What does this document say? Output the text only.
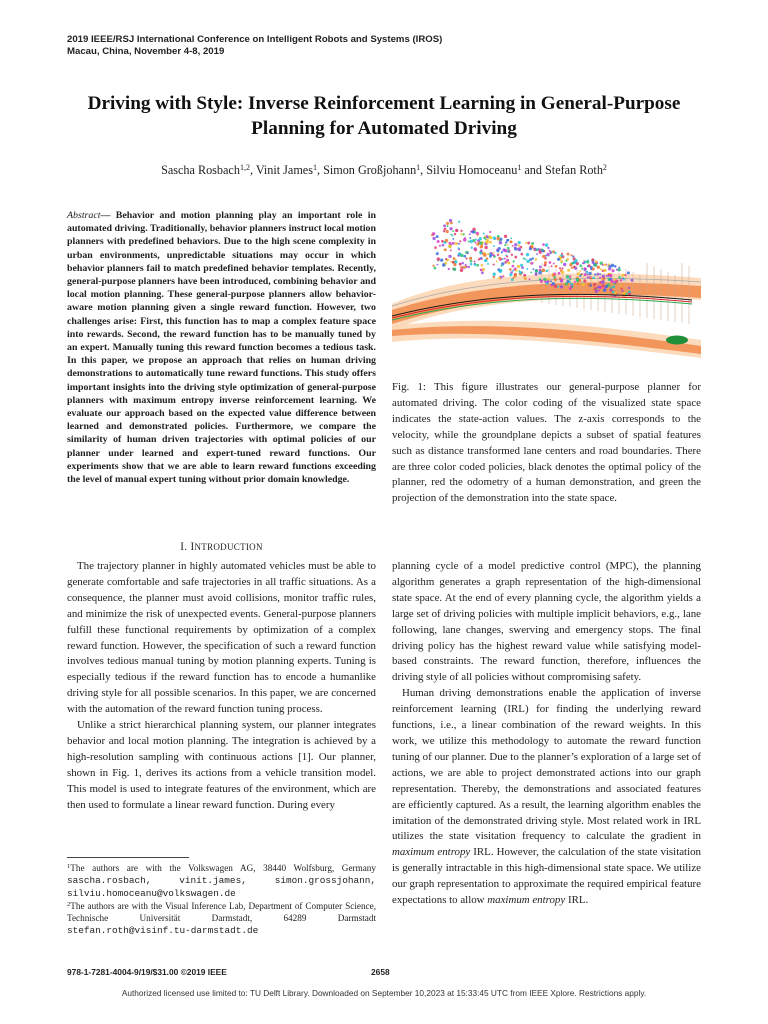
2019 IEEE/RSJ International Conference on Intelligent Robots and Systems (IROS)
Macau, China, November 4-8, 2019
Driving with Style: Inverse Reinforcement Learning in General-Purpose
Planning for Automated Driving
Sascha Rosbach$^{1,2}$, Vinit James$^1$, Simon Großjohann$^1$, Silviu Homoceanu$^1$ and Stefan Roth$^2$
Abstract— Behavior and motion planning play an important role in automated driving. Traditionally, behavior planners instruct local motion planners with predefined behaviors. Due to the high scene complexity in urban environments, unpredictable situations may occur in which behavior planners fail to match predefined behavior templates. Recently, general-purpose planners have been introduced, combining behavior and local motion planning. These general-purpose planners allow behavior-aware motion planning given a single reward function. However, two challenges arise: First, this function has to map a complex feature space into rewards. Second, the reward function has to be manually tuned by an expert. Manually tuning this reward function becomes a tedious task. In this paper, we propose an approach that relies on human driving demonstrations to automatically tune reward functions. This study offers important insights into the driving style optimization of general-purpose planners with maximum entropy inverse reinforcement learning. We evaluate our approach based on the expected value difference between learned and demonstrated policies. Furthermore, we compare the similarity of human driven trajectories with optimal policies of our planner under learned and expert-tuned reward functions. Our experiments show that we are able to learn reward functions exceeding the level of manual expert tuning without prior domain knowledge.
I. INTRODUCTION

The trajectory planner in highly automated vehicles must be able to generate comfortable and safe trajectories in all traffic situations. As a consequence, the planner must avoid collisions, monitor traffic rules, and minimize the risk of unexpected events. General-purpose planners fulfill these functional requirements by optimization of a complex reward function. However, the specification of such a reward function involves tedious manual tuning by motion planning experts. Tuning is especially tedious if the reward function has to encode a humanlike driving style for all possible scenarios. In this paper, we are concerned with the automation of the reward function tuning process.

Unlike a strict hierarchical planning system, our planner integrates behavior and local motion planning. The integration is achieved by a high-resolution sampling with continuous actions [1]. Our planner, shown in Fig. 1, derives its actions from a vehicle transition model. This model is used to integrate features of the environment, which are then used to formulate a linear reward function. During every

$^1$The authors are with the Volkswagen AG, 38440 Wolfsburg, Germany sascha.rosbach, vinit.james, simon.grossjohann, silviu.homoceanu@volkswagen.de

$^2$The authors are with the Visual Inference Lab, Department of Computer Science, Technische Universität Darmstadt, 64289 Darmstadt stefan.roth@visinf.tu-darmstadt.de

Fig. 1: This figure illustrates our general-purpose planner for automated driving. The color coding of the visualized state space indicates the state-action values. The z-axis corresponds to the velocity, while the groundplane depicts a subset of spatial features such as distance transformed lane centers and road boundaries. There are three color coded policies, black denotes the optimal policy of the planner, red the odometry of a human demonstration, and green the projection of the demonstration into the state space.

planning cycle of a model predictive control (MPC), the planning algorithm generates a graph representation of the high-dimensional state space. At the end of every planning cycle, the algorithm yields a large set of driving policies with multiple implicit behaviors, e.g., lane following, lane changes, swerving and emergency stops. The final driving policy has the highest reward value while satisfying model-based constraints. The reward function, therefore, influences the driving style of all policies without compromising safety.

Human driving demonstrations enable the application of inverse reinforcement learning (IRL) for finding the underlying reward functions, i.e., a linear combination of the reward weights. In this work, we utilize this methodology to automate the reward function tuning of our planner. Due to the planner’s exploration of a large set of actions, we are able to project demonstrated actions into our graph representation. Thereby, the demonstrations and associated features are efficiently captured. As a result, the learning algorithm enables the imitation of the demonstrated driving style. Most related work in IRL utilizes the state visitation frequency to calculate the gradient in maximum entropy IRL. However, the calculation of the state visitation is generally intractable in this high-dimensional state space. We utilize our graph representation to approximate the required empirical feature expectations to allow maximum entropy IRL.

978-1-7281-4004-9/19/$31.00 ©2019 IEEE	2658
Authorized licensed use limited to: TU Delft Library. Downloaded on September 10,2023 at 15:33:45 UTC from IEEE Xplore. Restrictions apply.
